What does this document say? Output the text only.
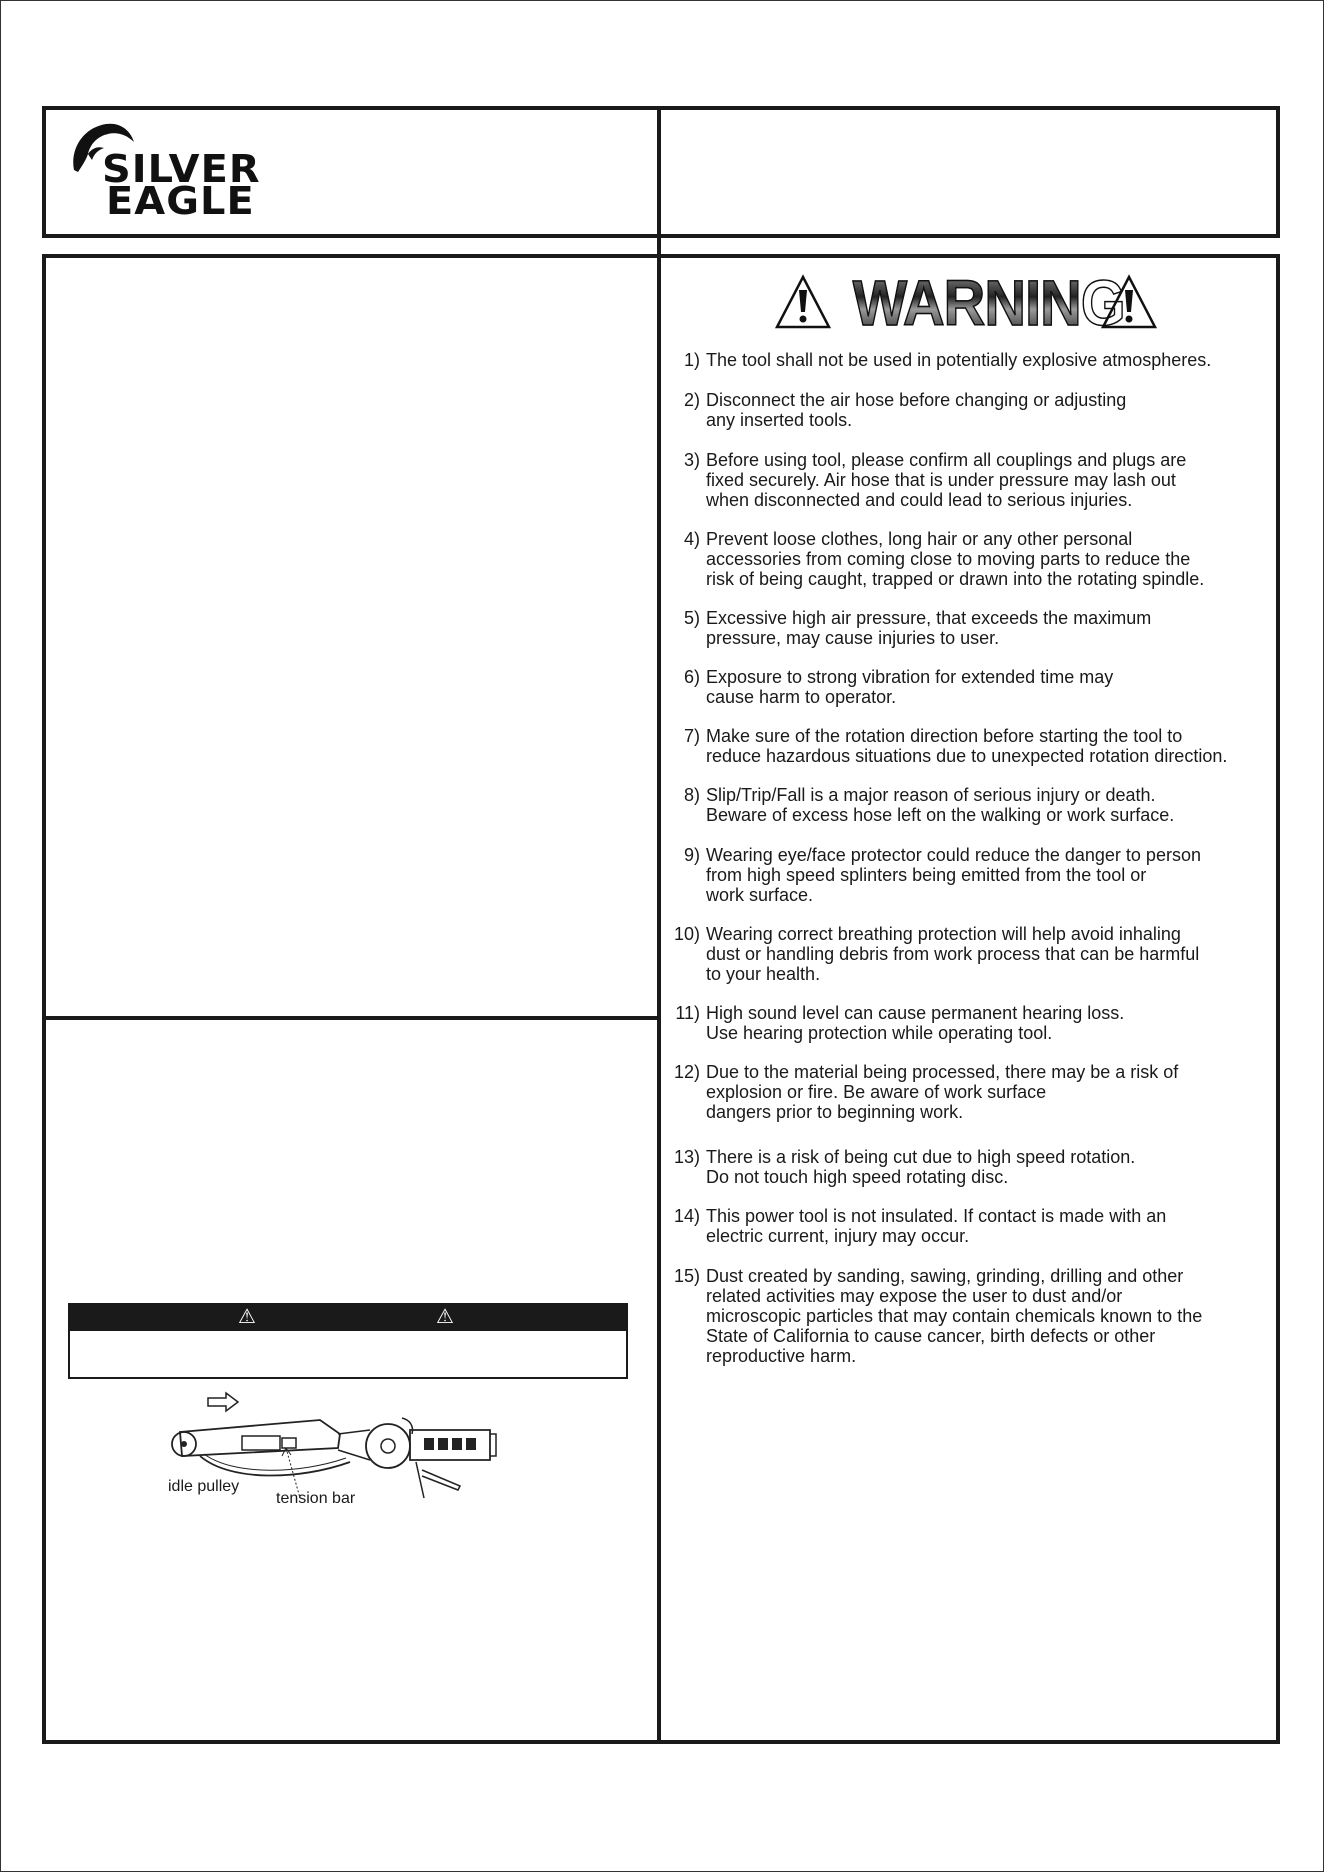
SILVER
EAGLE
WARNING
1) The tool shall not be used in potentially explosive atmospheres.
2) Disconnect the air hose before changing or adjusting
any inserted tools.
3) Before using tool, please confirm all couplings and plugs are
fixed securely. Air hose that is under pressure may lash out
when disconnected and could lead to serious injuries.
4) Prevent loose clothes, long hair or any other personal
accessories from coming close to moving parts to reduce the
risk of being caught, trapped or drawn into the rotating spindle.
5) Excessive high air pressure, that exceeds the maximum
pressure, may cause injuries to user.
6) Exposure to strong vibration for extended time may
cause harm to operator.
7) Make sure of the rotation direction before starting the tool to
reduce hazardous situations due to unexpected rotation direction.
8) Slip/Trip/Fall is a major reason of serious injury or death.
Beware of excess hose left on the walking or work surface.
9) Wearing eye/face protector could reduce the danger to person
from high speed splinters being emitted from the tool or
work surface.
10) Wearing correct breathing protection will help avoid inhaling
dust or handling debris from work process that can be harmful
to your health.
11) High sound level can cause permanent hearing loss.
Use hearing protection while operating tool.
12) Due to the material being processed, there may be a risk of
explosion or fire. Be aware of work surface
dangers prior to beginning work.
13) There is a risk of being cut due to high speed rotation.
Do not touch high speed rotating disc.
14) This power tool is not insulated. If contact is made with an
electric current, injury may occur.
15) Dust created by sanding, sawing, grinding, drilling and other
related activities may expose the user to dust and/or
microscopic particles that may contain chemicals known to the
State of California to cause cancer, birth defects or other
reproductive harm.
⚠	⚠
idle pulley
tension bar
